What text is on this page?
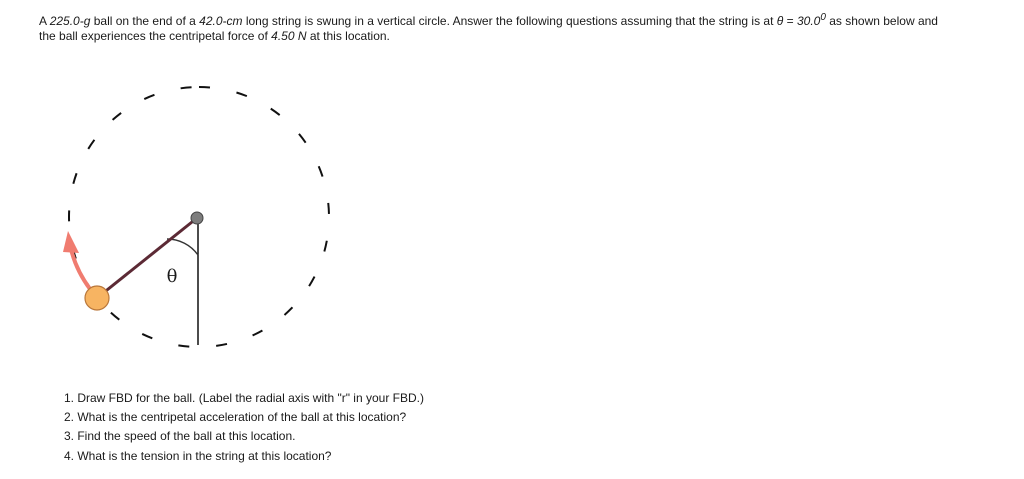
A 225.0-g ball on the end of a 42.0-cm long string is swung in a vertical circle. Answer the following questions assuming that the string is at $\theta = 30.0^0$ as shown below and
the ball experiences the centripetal force of 4.50 N at this location.
θ
1. Draw FBD for the ball. (Label the radial axis with "r" in your FBD.)
2. What is the centripetal acceleration of the ball at this location?
3. Find the speed of the ball at this location.
4. What is the tension in the string at this location?
